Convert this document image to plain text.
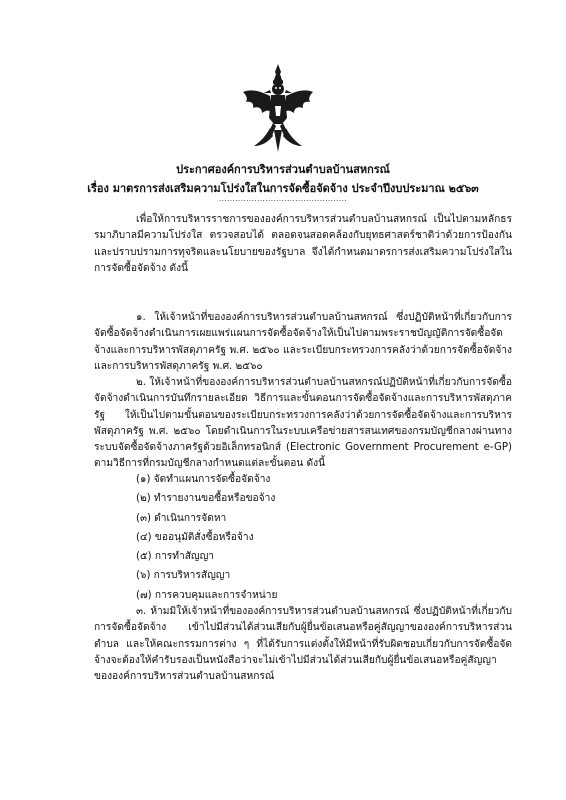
ประกาศองค์การบริหารส่วนตำบลบ้านสหกรณ์
เรื่อง มาตรการส่งเสริมความโปร่งใสในการจัดซื้อจัดจ้าง ประจำปีงบประมาณ ๒๕๖๓
...............................................
เพื่อให้การบริหารราชการขององค์การบริหารส่วนตำบลบ้านสหกรณ์ เป็นไปตามหลักธรรมาภิบาลมีความโปร่งใส ตรวจสอบได้ ตลอดจนสอดคล้องกับยุทธศาสตร์ชาติว่าด้วยการป้องกันและปราบปรามการทุจริตและนโยบายของรัฐบาล จึงได้กำหนดมาตรการส่งเสริมความโปร่งใสในการจัดซื้อจัดจ้าง ดังนี้
๑. ให้เจ้าหน้าที่ขององค์การบริหารส่วนตำบลบ้านสหกรณ์ ซึ่งปฏิบัติหน้าที่เกี่ยวกับการจัดซื้อจัดจ้างดำเนินการเผยแพร่แผนการจัดซื้อจัดจ้างให้เป็นไปตามพระราชบัญญัติการจัดซื้อจัดจ้างและการบริหารพัสดุภาครัฐ พ.ศ. ๒๕๖๐ และระเบียบกระทรวงการคลังว่าด้วยการจัดซื้อจัดจ้างและการบริหารพัสดุภาครัฐ พ.ศ. ๒๕๖๐
๒. ให้เจ้าหน้าที่ขององค์การบริหารส่วนตำบลบ้านสหกรณ์ปฏิบัติหน้าที่เกี่ยวกับการจัดซื้อจัดจ้างดำเนินการบันทึกรายละเอียด วิธีการและขั้นตอนการจัดซื้อจัดจ้างและการบริหารพัสดุภาครัฐ ให้เป็นไปตามขั้นตอนของระเบียบกระทรวงการคลังว่าด้วยการจัดซื้อจัดจ้างและการบริหารพัสดุภาครัฐ พ.ศ. ๒๕๖๐ โดยดำเนินการในระบบเครือข่ายสารสนเทศของกรมบัญชีกลางผ่านทางระบบจัดซื้อจัดจ้างภาครัฐด้วยอิเล็กทรอนิกส์ (Electronic Government Procurement e-GP) ตามวิธีการที่กรมบัญชีกลางกำหนดแต่ละขั้นตอน ดังนี้
(๑) จัดทำแผนการจัดซื้อจัดจ้าง
(๒) ทำรายงานขอซื้อหรือขอจ้าง
(๓) ดำเนินการจัดหา
(๔) ขออนุมัติสั่งซื้อหรือจ้าง
(๕) การทำสัญญา
(๖) การบริหารสัญญา
(๗) การควบคุมและการจำหน่าย
๓. ห้ามมิให้เจ้าหน้าที่ขององค์การบริหารส่วนตำบลบ้านสหกรณ์ ซึ่งปฏิบัติหน้าที่เกี่ยวกับการจัดซื้อจัดจ้าง เข้าไปมีส่วนได้ส่วนเสียกับผู้ยื่นข้อเสนอหรือคู่สัญญาขององค์การบริหารส่วนตำบล และให้คณะกรรมการต่าง ๆ ที่ได้รับการแต่งตั้งให้มีหน้าที่รับผิดชอบเกี่ยวกับการจัดซื้อจัดจ้างจะต้องให้คำรับรองเป็นหนังสือว่าจะไม่เข้าไปมีส่วนได้ส่วนเสียกับผู้ยื่นข้อเสนอหรือคู่สัญญาขององค์การบริหารส่วนตำบลบ้านสหกรณ์
